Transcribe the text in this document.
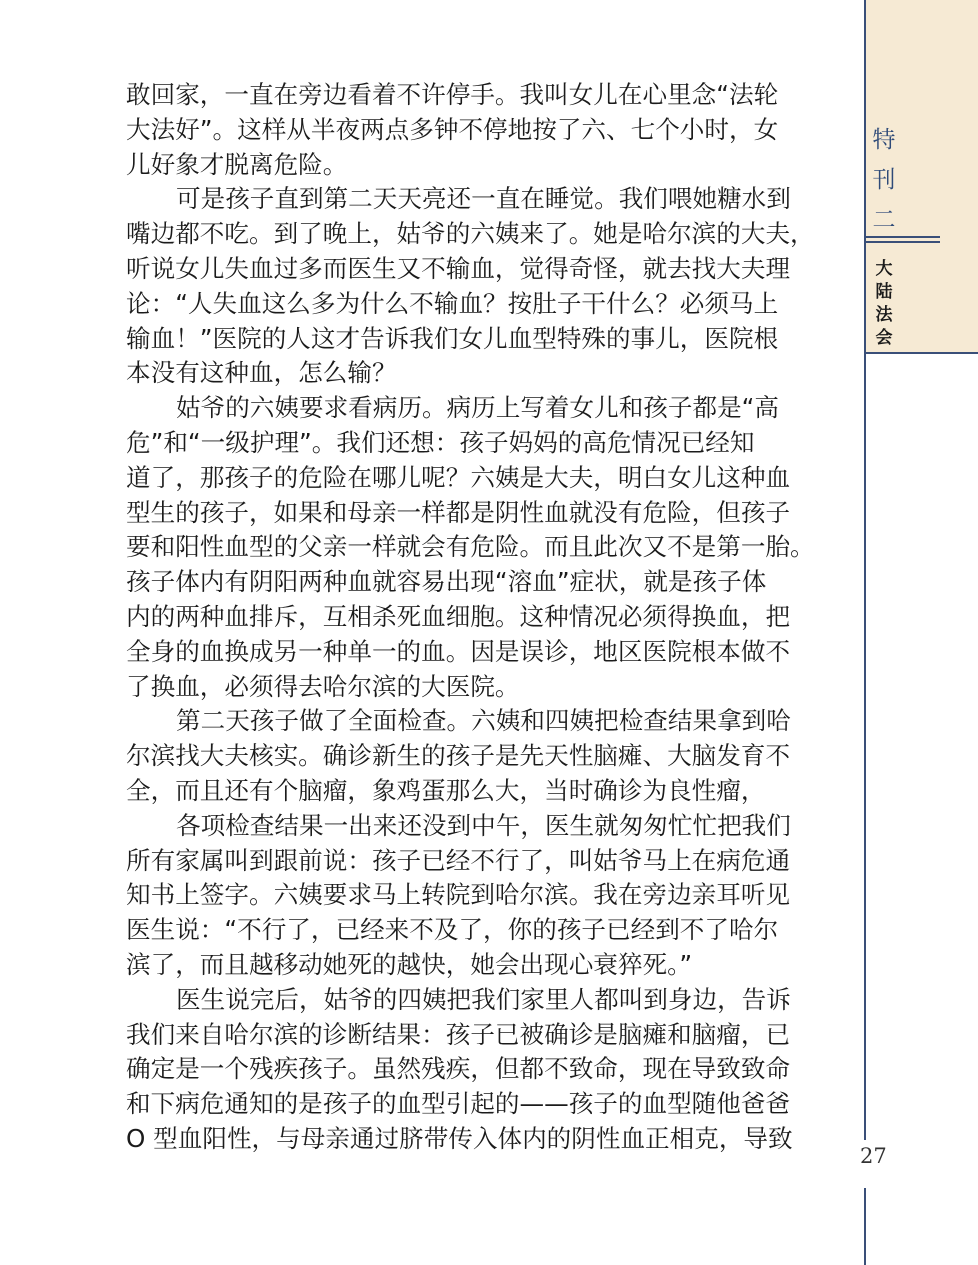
特
刊
二
大
陆
法
会
敢回家，一直在旁边看着不许停手。我叫女儿在心里念“法轮
大法好”。这样从半夜两点多钟不停地按了六、七个小时，女
儿好象才脱离危险。
可是孩子直到第二天天亮还一直在睡觉。我们喂她糖水到
嘴边都不吃。到了晚上，姑爷的六姨来了。她是哈尔滨的大夫，
听说女儿失血过多而医生又不输血，觉得奇怪，就去找大夫理
论：“人失血这么多为什么不输血？按肚子干什么？必须马上
输血！”医院的人这才告诉我们女儿血型特殊的事儿，医院根
本没有这种血，怎么输？
姑爷的六姨要求看病历。病历上写着女儿和孩子都是“高
危”和“一级护理”。我们还想：孩子妈妈的高危情况已经知
道了，那孩子的危险在哪儿呢？六姨是大夫，明白女儿这种血
型生的孩子，如果和母亲一样都是阴性血就没有危险，但孩子
要和阳性血型的父亲一样就会有危险。而且此次又不是第一胎。
孩子体内有阴阳两种血就容易出现“溶血”症状，就是孩子体
内的两种血排斥，互相杀死血细胞。这种情况必须得换血，把
全身的血换成另一种单一的血。因是误诊，地区医院根本做不
了换血，必须得去哈尔滨的大医院。
第二天孩子做了全面检查。六姨和四姨把检查结果拿到哈
尔滨找大夫核实。确诊新生的孩子是先天性脑瘫、大脑发育不
全，而且还有个脑瘤，象鸡蛋那么大，当时确诊为良性瘤，
各项检查结果一出来还没到中午，医生就匆匆忙忙把我们
所有家属叫到跟前说：孩子已经不行了，叫姑爷马上在病危通
知书上签字。六姨要求马上转院到哈尔滨。我在旁边亲耳听见
医生说：“不行了，已经来不及了，你的孩子已经到不了哈尔
滨了，而且越移动她死的越快，她会出现心衰猝死。”
医生说完后，姑爷的四姨把我们家里人都叫到身边，告诉
我们来自哈尔滨的诊断结果：孩子已被确诊是脑瘫和脑瘤，已
确定是一个残疾孩子。虽然残疾，但都不致命，现在导致致命
和下病危通知的是孩子的血型引起的——孩子的血型随他爸爸
O 型血阳性，与母亲通过脐带传入体内的阴性血正相克，导致
27
